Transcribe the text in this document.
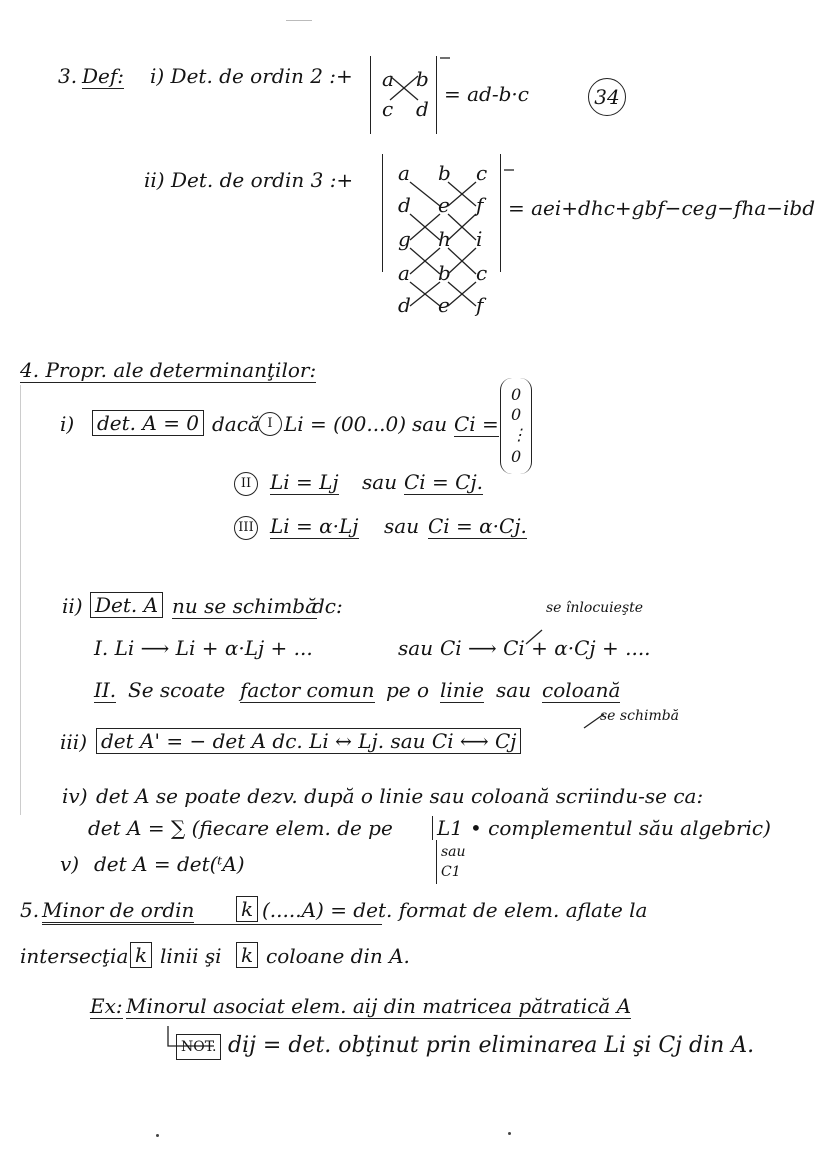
3. Def: i) Det. de ordin 2 :+ a b
c d
= ad-b·c	34
ii) Det. de ordin 3 :+ a b c
d e f
g h i
a b c
d e f
= aei+dhc+gbf−ceg−fha−ibd
4. Propr. ale determinanţilor:
i) det. A = 0 dacă I Li = (00...0) sau Ci =
0
0
⋮
0
II Li = Lj sau Ci = Cj.
III Li = α·Lj sau Ci = α·Cj.
ii) Det. A nu se schimbă
dc:	se înlocuieşte
I. Li ⟶ Li + α·Lj + ...	sau Ci ⟶ Ci + α·Cj + ....
II. Se scoate factor comun pe o linie sau coloană
iii) det A' = − det A dc. Li ↔ Lj. sau Ci ⟷ Cj
se schimbă
iv) det A se poate dezv. după o linie sau coloană scriindu-se ca:
det A = ∑ (fiecare elem. de pe L1 • complementul său algebric)
sau
C1
v) det A = det(ᵗA)
5. Minor de ordin k (.....A) = det. format de elem. aflate la
intersecţia k linii şi k coloane din A.
Ex: Minorul asociat elem. aij din matricea pătratică A
NOT. dij = det. obţinut prin eliminarea Li şi Cj din A.
